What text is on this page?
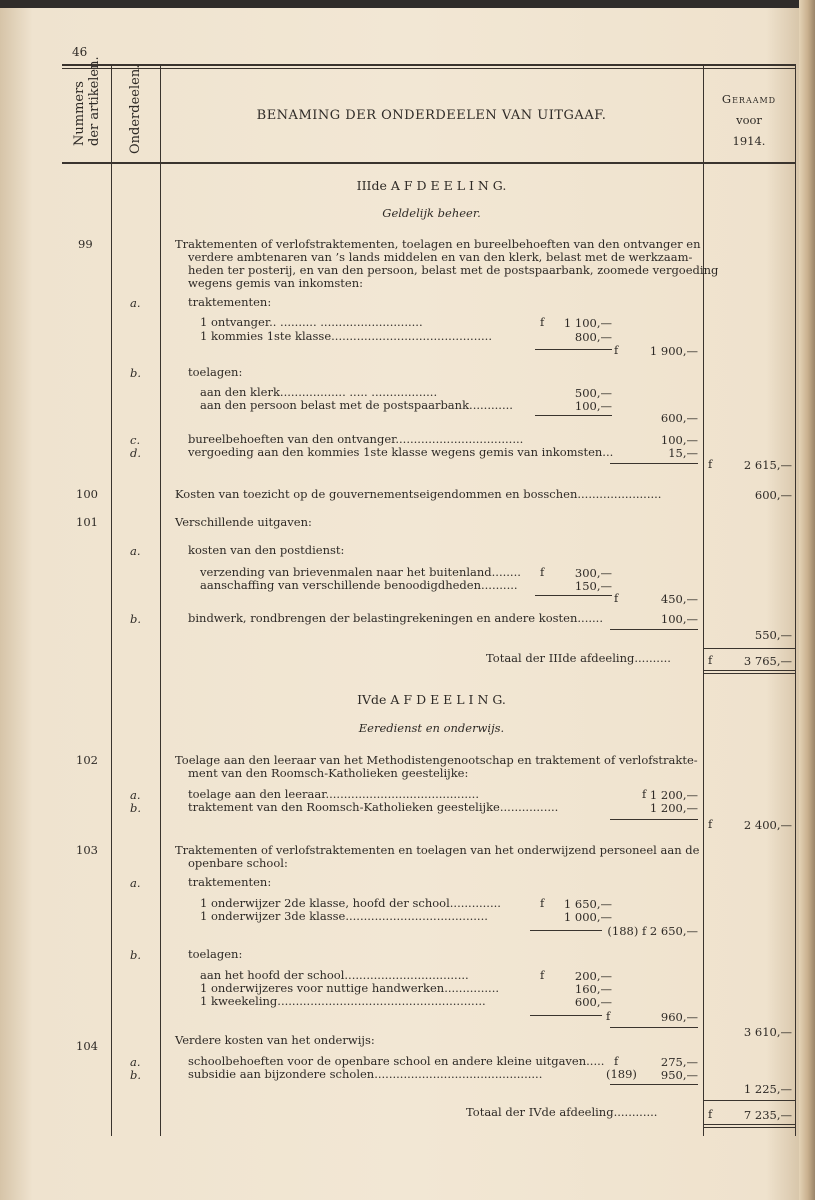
46
Nummers der artikelen. Onderdeelen.	BENAMING DER ONDERDEELEN VAN UITGAAF.
Geraamd
voor
1914.
IIIde A F D E E L I N G.
Geldelijk beheer.
99	Traktementen of verlofstraktementen, toelagen en bureelbehoeften van den ontvanger en
verdere ambtenaren van ’s lands middelen en van den klerk, belast met de werkzaam-
heden ter posterij, en van den persoon, belast met de postspaarbank, zoomede vergoeding
wegens gemis van inkomsten:
a.	traktementen:
1 ontvanger.. .......... ............................	f	1 100,—
1 kommies 1ste klasse............................................	800,—
f	1 900,—
b.	toelagen:
aan den klerk.................. ..... ..................	500,—
aan den persoon belast met de postspaarbank............	100,—
600,—
c.	bureelbehoeften van den ontvanger...................................	100,—
d.	vergoeding aan den kommies 1ste klasse wegens gemis van inkomsten...	15,—
f	2 615,—
100	Kosten van toezicht op de gouvernementseigendommen en bosschen.......................	600,—
101	Verschillende uitgaven:
a.	kosten van den postdienst:
verzending van brievenmalen naar het buitenland........ f	300,—
aanschaffing van verschillende benoodigdheden..........	150,—
f	450,—
b.	bindwerk, rondbrengen der belastingrekeningen en andere kosten.......	100,—
550,—
Totaal der IIIde afdeeling..........	f	3 765,—
IVde A F D E E L I N G.
Eeredienst en onderwijs.
102	Toelage aan den leeraar van het Methodistengenootschap en traktement of verlofstrakte-
ment van den Roomsch-Katholieken geestelijke:
a.	toelage aan den leeraar..........................................	f 1 200,—
b.	traktement van den Roomsch-Katholieken geestelijke................	1 200,—
f	2 400,—
103	Traktementen of verlofstraktementen en toelagen van het onderwijzend personeel aan de
openbare school:
a.	traktementen:
1 onderwijzer 2de klasse, hoofd der school..............	f	1 650,—
1 onderwijzer 3de klasse.......................................	1 000,—
(188) f 2 650,—
b.	toelagen:
aan het hoofd der school..................................	f	200,—
1 onderwijzeres voor nuttige handwerken...............	160,—
1 kweekeling.........................................................	600,—
f	960,—
3 610,—
104	Verdere kosten van het onderwijs:
a.	schoolbehoeften voor de openbare school en andere kleine uitgaven..... f	275,—
b.	subsidie aan bijzondere scholen..............................................	(189)	950,—
1 225,—
Totaal der IVde afdeeling............	f	7 235,—
